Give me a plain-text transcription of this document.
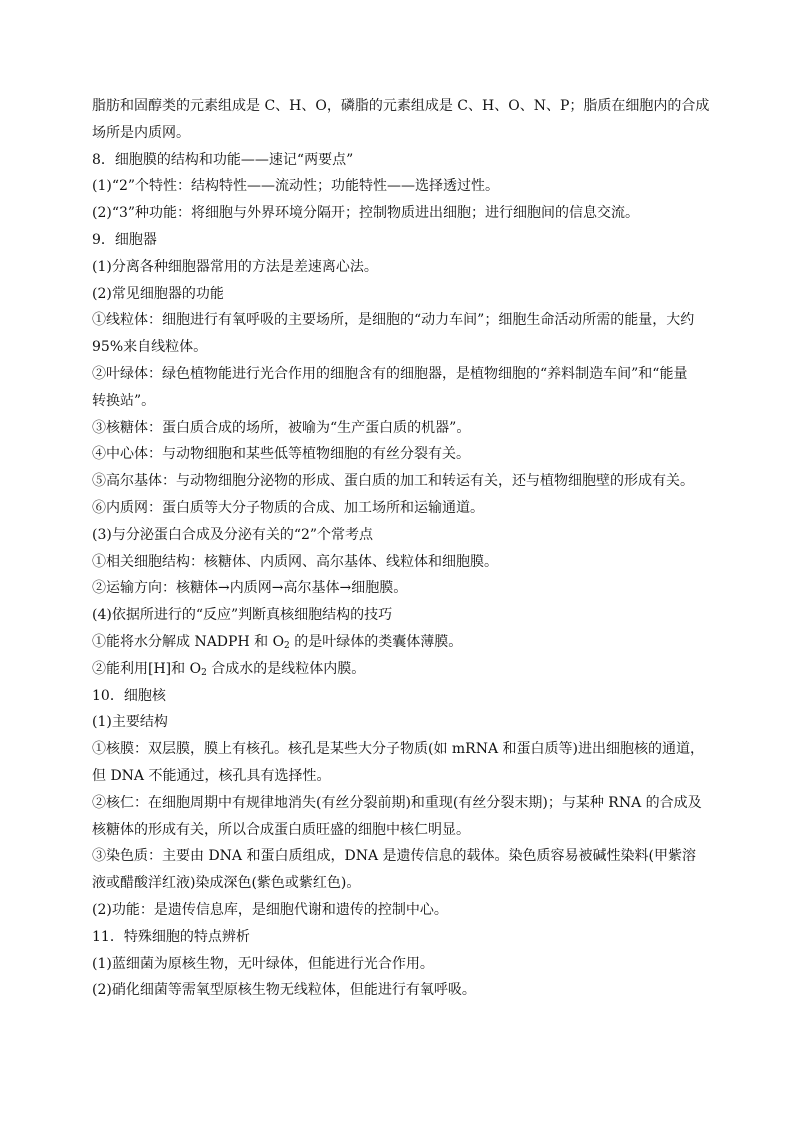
脂肪和固醇类的元素组成是 C、H、O，磷脂的元素组成是 C、H、O、N、P；脂质在细胞内的合成
场所是内质网。
8．细胞膜的结构和功能——速记“两要点”
(1)“2”个特性：结构特性——流动性；功能特性——选择透过性。
(2)“3”种功能：将细胞与外界环境分隔开；控制物质进出细胞；进行细胞间的信息交流。
9．细胞器
(1)分离各种细胞器常用的方法是差速离心法。
(2)常见细胞器的功能
①线粒体：细胞进行有氧呼吸的主要场所，是细胞的“动力车间”；细胞生命活动所需的能量，大约
95%来自线粒体。
②叶绿体：绿色植物能进行光合作用的细胞含有的细胞器，是植物细胞的“养料制造车间”和“能量
转换站”。
③核糖体：蛋白质合成的场所，被喻为“生产蛋白质的机器”。
④中心体：与动物细胞和某些低等植物细胞的有丝分裂有关。
⑤高尔基体：与动物细胞分泌物的形成、蛋白质的加工和转运有关，还与植物细胞壁的形成有关。
⑥内质网：蛋白质等大分子物质的合成、加工场所和运输通道。
(3)与分泌蛋白合成及分泌有关的“2”个常考点
①相关细胞结构：核糖体、内质网、高尔基体、线粒体和细胞膜。
②运输方向：核糖体→内质网→高尔基体→细胞膜。
(4)依据所进行的“反应”判断真核细胞结构的技巧
①能将水分解成 NADPH 和 $O_2$ 的是叶绿体的类囊体薄膜。
②能利用[H]和 $O_2$ 合成水的是线粒体内膜。
10．细胞核
(1)主要结构
①核膜：双层膜，膜上有核孔。核孔是某些大分子物质(如 mRNA 和蛋白质等)进出细胞核的通道，
但 DNA 不能通过，核孔具有选择性。
②核仁：在细胞周期中有规律地消失(有丝分裂前期)和重现(有丝分裂末期)；与某种 RNA 的合成及
核糖体的形成有关，所以合成蛋白质旺盛的细胞中核仁明显。
③染色质：主要由 DNA 和蛋白质组成，DNA 是遗传信息的载体。染色质容易被碱性染料(甲紫溶
液或醋酸洋红液)染成深色(紫色或紫红色)。
(2)功能：是遗传信息库，是细胞代谢和遗传的控制中心。
11．特殊细胞的特点辨析
(1)蓝细菌为原核生物，无叶绿体，但能进行光合作用。
(2)硝化细菌等需氧型原核生物无线粒体，但能进行有氧呼吸。
